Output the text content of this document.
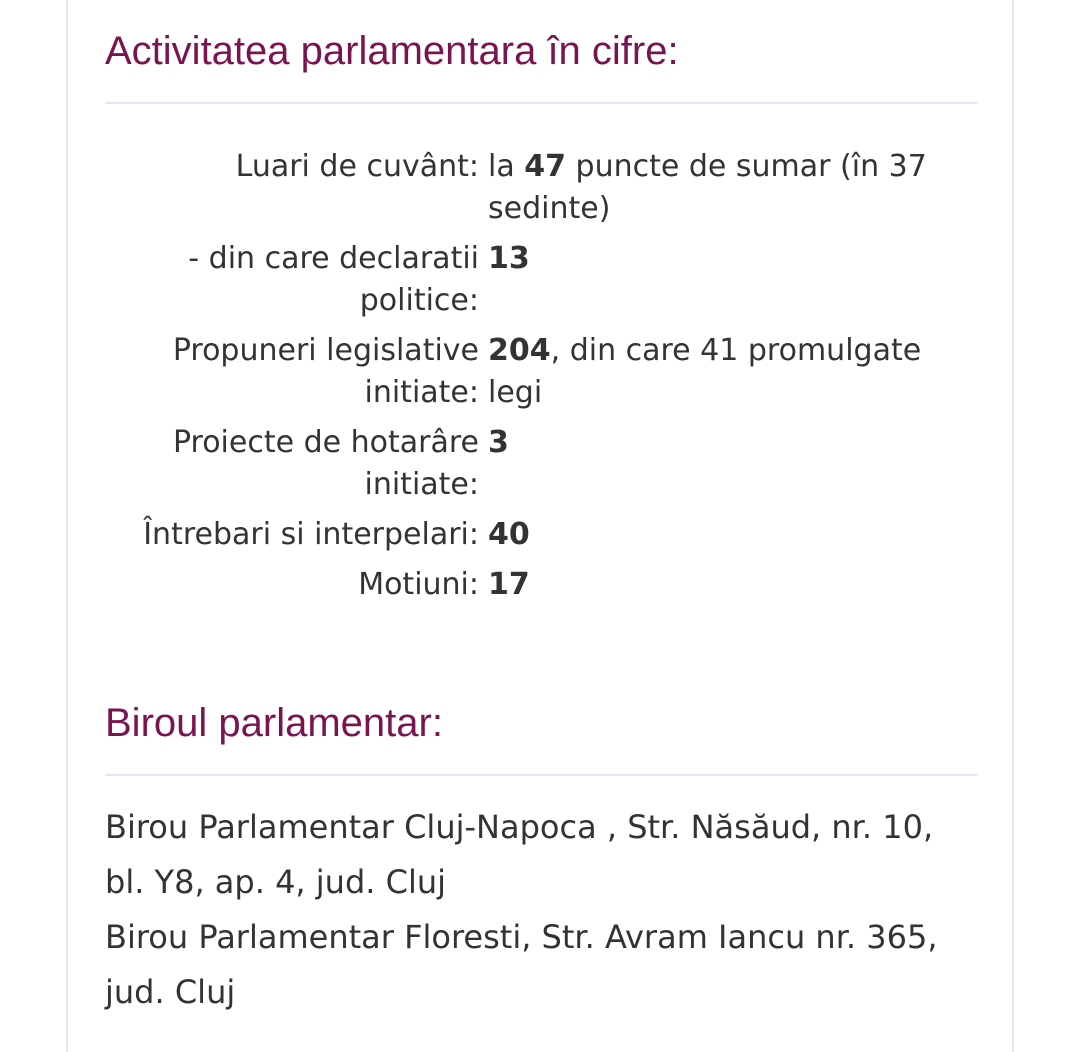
Activitatea parlamentara în cifre:
Luari de cuvânt: la 47 puncte de sumar (în 37 sedinte)
- din care declaratii politice:
13
Propuneri legislative initiate:
204, din care 41 promulgate legi
Proiecte de hotarâre initiate:
3
Întrebari si interpelari: 40
Motiuni: 17
Biroul parlamentar:

Birou Parlamentar Cluj-Napoca , Str. Năsăud, nr. 10, bl. Y8, ap. 4, jud. Cluj

Birou Parlamentar Floresti, Str. Avram Iancu nr. 365, jud. Cluj
